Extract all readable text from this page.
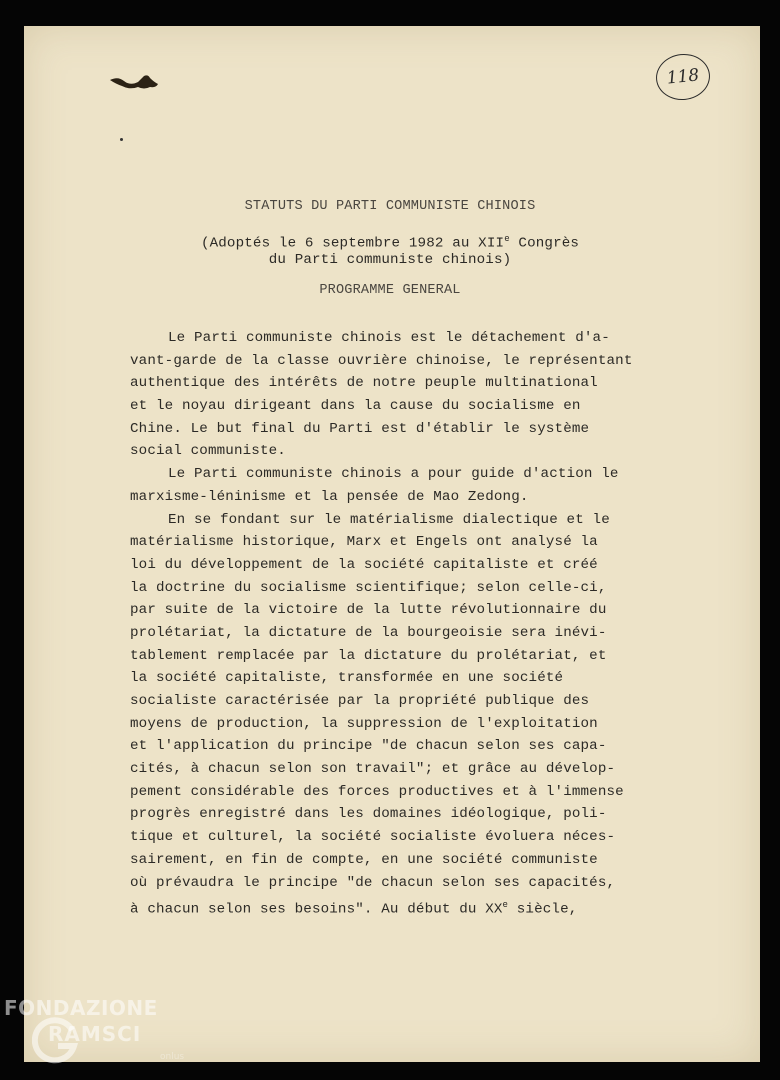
118
STATUTS DU PARTI COMMUNISTE CHINOIS
(Adoptés le 6 septembre 1982 au XIIe Congrès
du Parti communiste chinois)
PROGRAMME GENERAL
Le Parti communiste chinois est le détachement d'a-
vant-garde de la classe ouvrière chinoise, le représentant
authentique des intérêts de notre peuple multinational
et le noyau dirigeant dans la cause du socialisme en
Chine. Le but final du Parti est d'établir le système
social communiste.
Le Parti communiste chinois a pour guide d'action le
marxisme-léninisme et la pensée de Mao Zedong.
En se fondant sur le matérialisme dialectique et le
matérialisme historique, Marx et Engels ont analysé la
loi du développement de la société capitaliste et créé
la doctrine du socialisme scientifique; selon celle-ci,
par suite de la victoire de la lutte révolutionnaire du
prolétariat, la dictature de la bourgeoisie sera inévi-
tablement remplacée par la dictature du prolétariat, et
la société capitaliste, transformée en une société
socialiste caractérisée par la propriété publique des
moyens de production, la suppression de l'exploitation
et l'application du principe "de chacun selon ses capa-
cités, à chacun selon son travail"; et grâce au dévelop-
pement considérable des forces productives et à l'immense
progrès enregistré dans les domaines idéologique, poli-
tique et culturel, la société socialiste évoluera néces-
sairement, en fin de compte, en une société communiste
où prévaudra le principe "de chacun selon ses capacités,
à chacun selon ses besoins". Au début du XXe siècle,
FONDAZIONE
RAMSCI
onlus
